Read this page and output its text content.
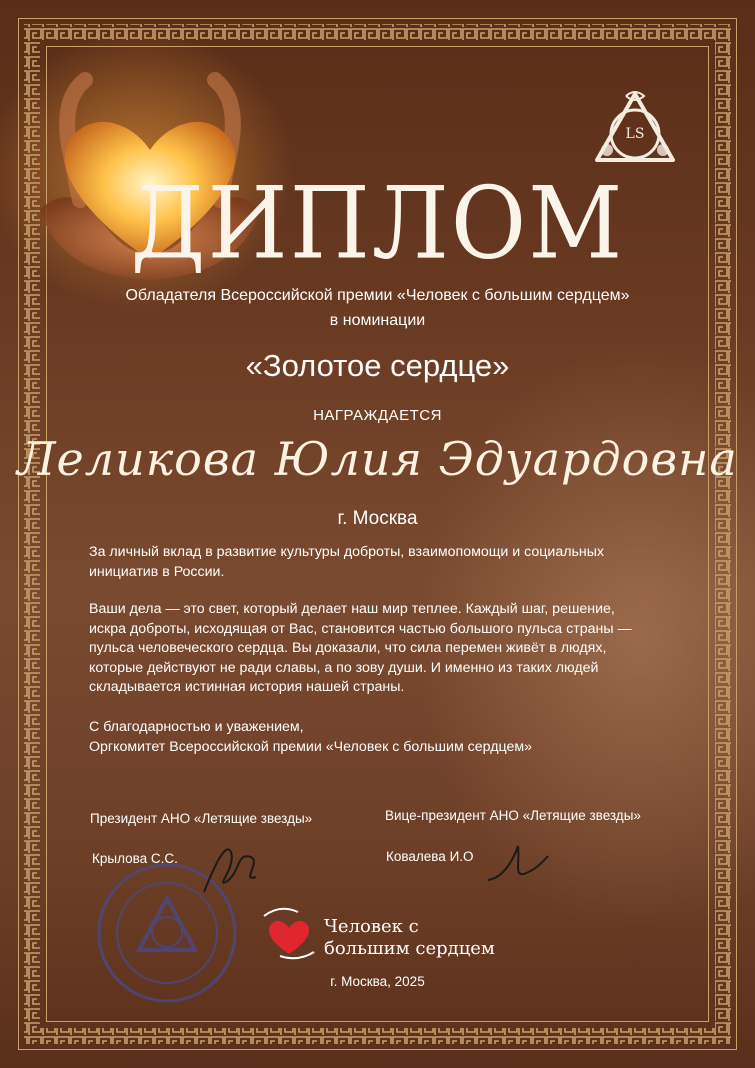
LS
ДИПЛОМ
Обладателя Всероссийской премии «Человек с большим сердцем»
в номинации
«Золотое сердце»
НАГРАЖДАЕТСЯ
Леликова Юлия Эдуардовна
г. Москва
За личный вклад в развитие культуры доброты, взаимопомощи и социальных инициатив в России.
Ваши дела — это свет, который делает наш мир теплее. Каждый шаг, решение, искра доброты, исходящая от Вас, становится частью большого пульса страны — пульса человеческого сердца. Вы доказали, что сила перемен живёт в людях, которые действуют не ради славы, а по зову души. И именно из таких людей складывается истинная история нашей страны.
С благодарностью и уважением,
Оргкомитет Всероссийской премии «Человек с большим сердцем»
Президент АНО «Летящие звезды»
Крылова С.С.
Вице-президент АНО «Летящие звезды»
Ковалева И.О
Человек с
большим сердцем
г. Москва, 2025
